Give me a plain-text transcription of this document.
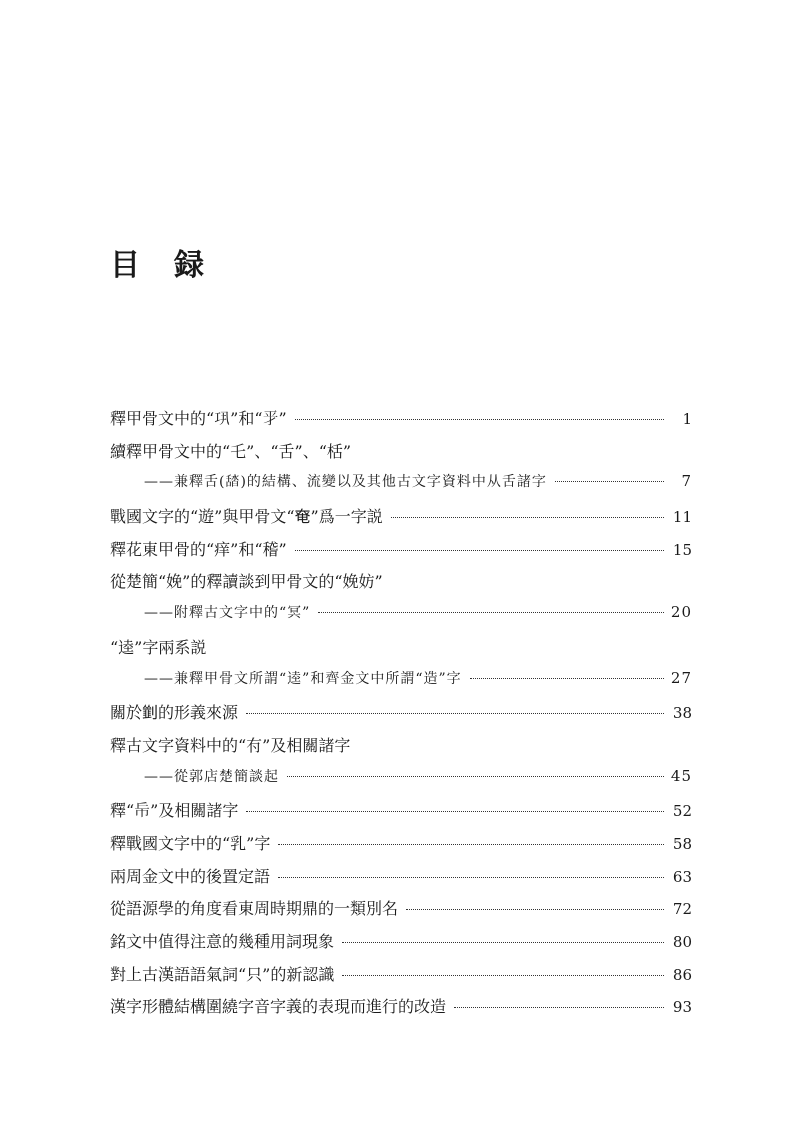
目 録
釋甲骨文中的“𢀜”和“𢀝”	1
續釋甲骨文中的“乇”、“舌”、“栝”
——兼釋舌(𦧟)的結構、流變以及其他古文字資料中从舌諸字	7
戰國文字的“遊”與甲骨文“𡘤”爲一字説	11
釋花東甲骨的“痒”和“稽”	15
從楚簡“娩”的釋讀談到甲骨文的“娩妨”
——附釋古文字中的“冥”	20
“逵”字兩系説
——兼釋甲骨文所謂“逵”和齊金文中所謂“造”字	27
關於𠠃的形義來源	38
釋古文字資料中的“𠕇”及相關諸字
——從郭店楚簡談起	45
釋“𢁹”及相關諸字	52
釋戰國文字中的“乳”字	58
兩周金文中的後置定語	63
從語源學的角度看東周時期鼎的一類別名	72
銘文中值得注意的幾種用詞現象	80
對上古漢語語氣詞“只”的新認識	86
漢字形體結構圍繞字音字義的表現而進行的改造	93
